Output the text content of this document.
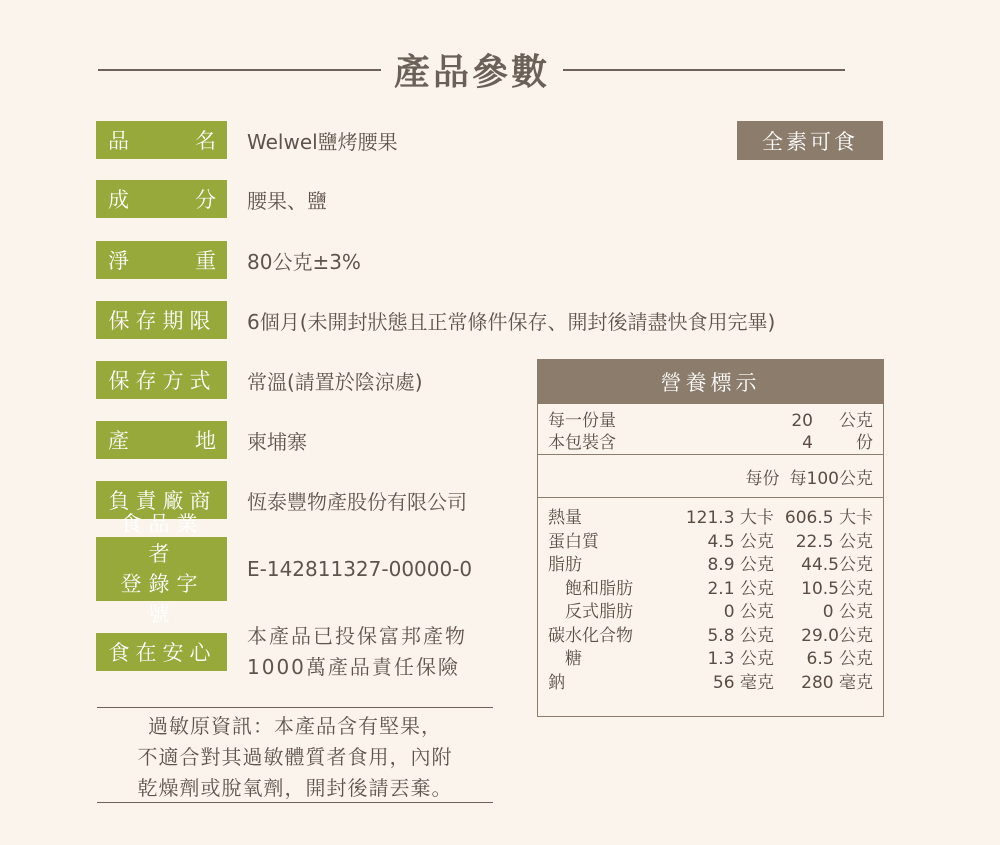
產品參數
全素可食
品	名 Welwel鹽烤腰果
成	分 腰果、鹽
淨	重 80公克±3%
保存期限	6個月(未開封狀態且正常條件保存、開封後請盡快食用完畢)
保存方式	常溫(請置於陰涼處)
產	地 柬埔寨
負責廠商	恆泰豐物產股份有限公司
食品業者
登錄字號
E-142811327-00000-0
食在安心
本產品已投保富邦產物
1000萬產品責任保險
過敏原資訊：本產品含有堅果，
不適合對其過敏體質者食用，內附
乾燥劑或脫氧劑，開封後請丟棄。
營養標示
每一份量	20	公克
本包裝含	4	份
每份 每100公克
熱量	121.3 大卡 606.5 大卡
蛋白質	4.5 公克	22.5 公克
脂肪	8.9 公克	44.5公克
　飽和脂肪	2.1 公克	10.5公克
　反式脂肪	0 公克	0 公克
碳水化合物	5.8 公克	29.0公克
　糖	1.3 公克	6.5 公克
鈉	56 毫克	280 毫克
